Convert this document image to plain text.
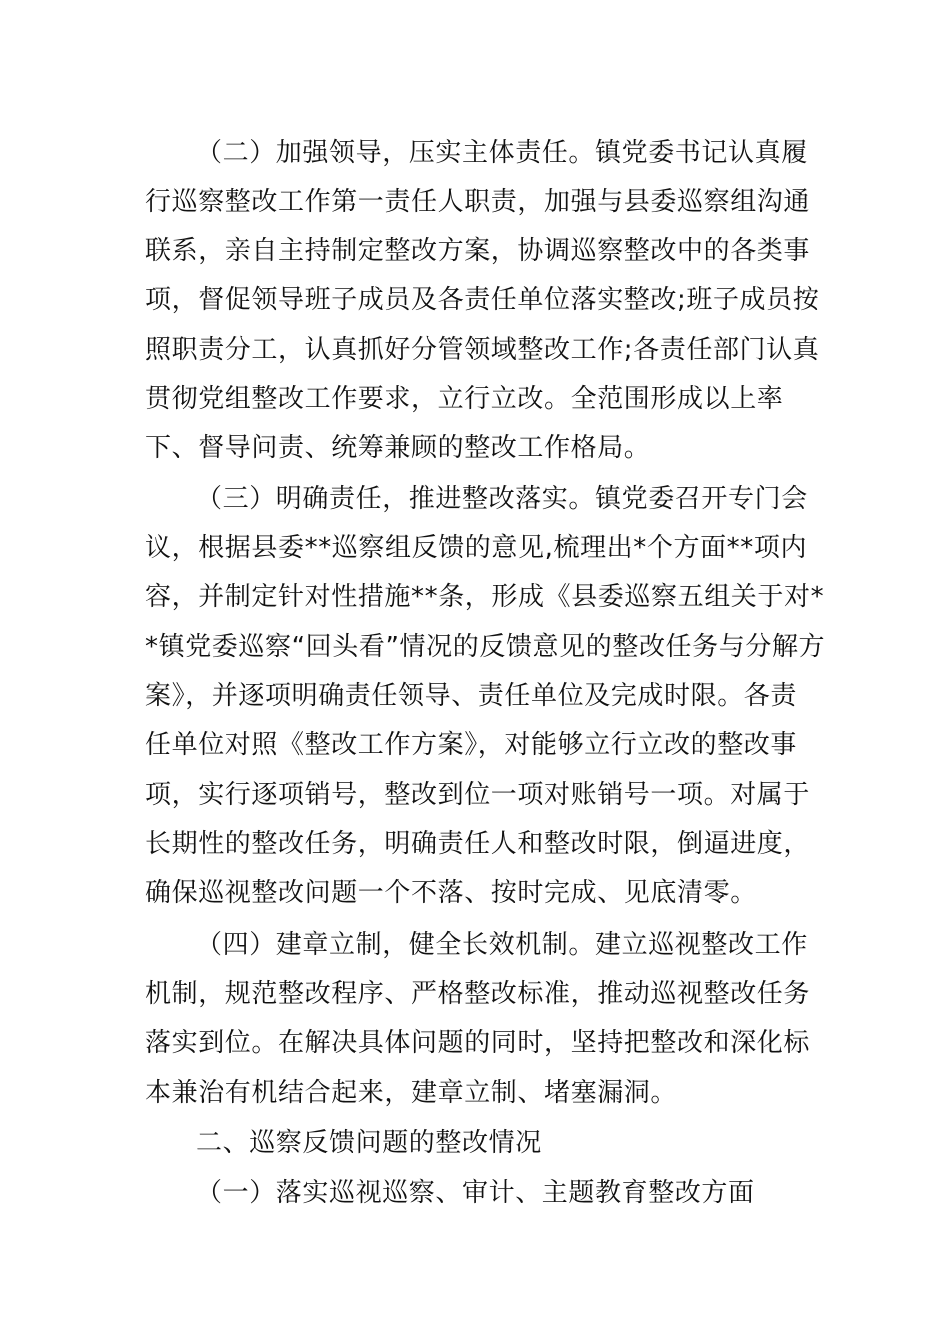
（二）加强领导，压实主体责任。镇党委书记认真履
行巡察整改工作第一责任人职责，加强与县委巡察组沟通
联系，亲自主持制定整改方案，协调巡察整改中的各类事
项，督促领导班子成员及各责任单位落实整改;班子成员按
照职责分工，认真抓好分管领域整改工作;各责任部门认真
贯彻党组整改工作要求，立行立改。全范围形成以上率
下、督导问责、统筹兼顾的整改工作格局。
（三）明确责任，推进整改落实。镇党委召开专门会
议，根据县委**巡察组反馈的意见,梳理出*个方面**项内
容，并制定针对性措施**条，形成《县委巡察五组关于对*
*镇党委巡察“回头看”情况的反馈意见的整改任务与分解方
案》，并逐项明确责任领导、责任单位及完成时限。各责
任单位对照《整改工作方案》，对能够立行立改的整改事
项，实行逐项销号，整改到位一项对账销号一项。对属于
长期性的整改任务，明确责任人和整改时限，倒逼进度，
确保巡视整改问题一个不落、按时完成、见底清零。
（四）建章立制，健全长效机制。建立巡视整改工作
机制，规范整改程序、严格整改标准，推动巡视整改任务
落实到位。在解决具体问题的同时，坚持把整改和深化标
本兼治有机结合起来，建章立制、堵塞漏洞。
二、巡察反馈问题的整改情况
（一）落实巡视巡察、审计、主题教育整改方面
